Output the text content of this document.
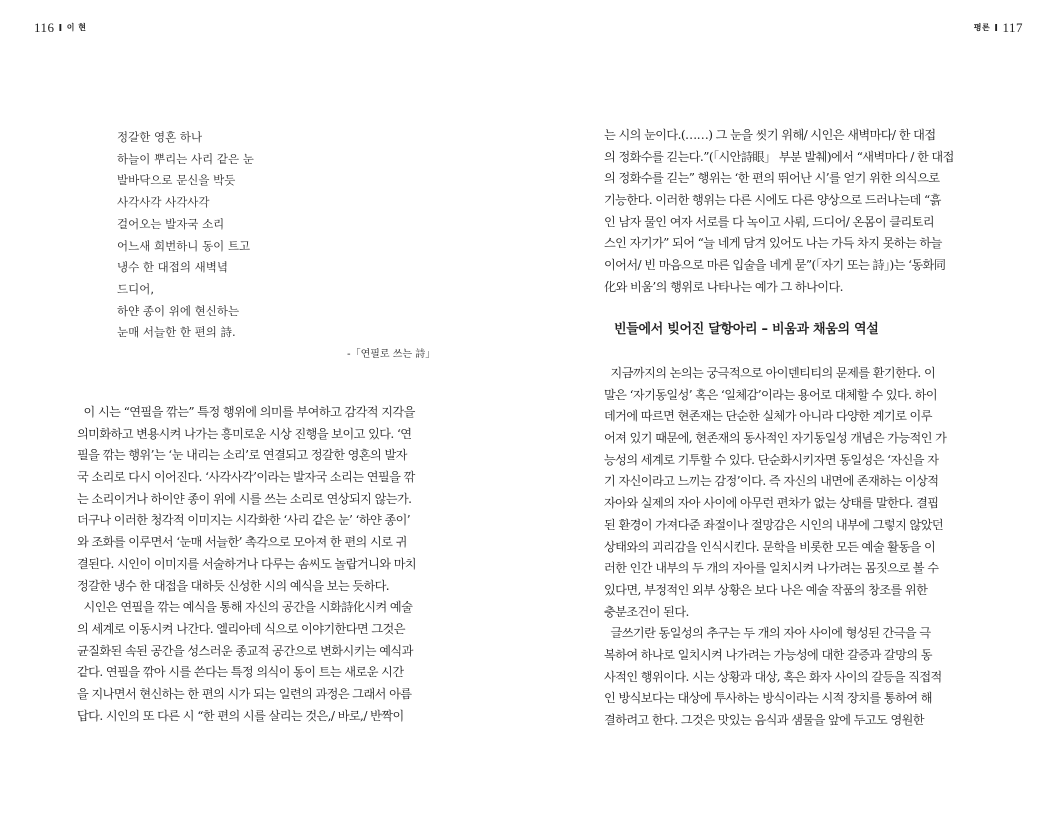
116 I 이 현	평론 I 117
정갈한 영혼 하나
하늘이 뿌리는 사리 같은 눈
발바닥으로 문신을 박듯
사각사각 사각사각
걸어오는 발자국 소리
어느새 희번하니 동이 트고
냉수 한 대접의 새벽녘
드디어,
하얀 종이 위에 현신하는
눈매 서늘한 한 편의 詩.
-「연필로 쓰는 詩」
이 시는 “연필을 깎는” 특정 행위에 의미를 부여하고 감각적 지각을
의미화하고 변용시켜 나가는 흥미로운 시상 진행을 보이고 있다. ‘연
필을 깎는 행위’는 ‘눈 내리는 소리’로 연결되고 정갈한 영혼의 발자
국 소리로 다시 이어진다. ‘사각사각’이라는 발자국 소리는 연필을 깎
는 소리이거나 하이얀 종이 위에 시를 쓰는 소리로 연상되지 않는가.
더구나 이러한 청각적 이미지는 시각화한 ‘사리 같은 눈’ ‘하얀 종이’
와 조화를 이루면서 ‘눈매 서늘한’ 촉각으로 모아져 한 편의 시로 귀
결된다. 시인이 이미지를 서술하거나 다루는 솜씨도 놀랍거니와 마치
정갈한 냉수 한 대접을 대하듯 신성한 시의 예식을 보는 듯하다.
시인은 연필을 깎는 예식을 통해 자신의 공간을 시화詩化시켜 예술
의 세계로 이동시켜 나간다. 엘리아데 식으로 이야기한다면 그것은
균질화된 속된 공간을 성스러운 종교적 공간으로 변화시키는 예식과
같다. 연필을 깎아 시를 쓴다는 특정 의식이 동이 트는 새로운 시간
을 지나면서 현신하는 한 편의 시가 되는 일련의 과정은 그래서 아름
답다. 시인의 또 다른 시 “한 편의 시를 살리는 것은,/ 바로,/ 반짝이
는 시의 눈이다.(……) 그 눈을 씻기 위해/ 시인은 새벽마다/ 한 대접
의 정화수를 긷는다.”(「시안詩眼」 부분 발췌)에서 “새벽마다 / 한 대접
의 정화수를 긷는” 행위는 ‘한 편의 뛰어난 시’를 얻기 위한 의식으로
기능한다. 이러한 행위는 다른 시에도 다른 양상으로 드러나는데 “흙
인 남자 물인 여자 서로를 다 녹이고 사뤄, 드디어/ 온몸이 클리토리
스인 자기가” 되어 “늘 네게 담겨 있어도 나는 가득 차지 못하는 하늘
이어서/ 빈 마음으로 마른 입술을 네게 묻”(「자기 또는 詩」)는 ‘동화同
化와 비움’의 행위로 나타나는 예가 그 하나이다.
빈들에서 빚어진 달항아리 – 비움과 채움의 역설
지금까지의 논의는 궁극적으로 아이덴티티의 문제를 환기한다. 이
말은 ‘자기동일성’ 혹은 ‘일체감’이라는 용어로 대체할 수 있다. 하이
데거에 따르면 현존재는 단순한 실체가 아니라 다양한 계기로 이루
어져 있기 때문에, 현존재의 동사적인 자기동일성 개념은 가능적인 가
능성의 세계로 기투할 수 있다. 단순화시키자면 동일성은 ‘자신을 자
기 자신이라고 느끼는 감정’이다. 즉 자신의 내면에 존재하는 이상적
자아와 실제의 자아 사이에 아무런 편차가 없는 상태를 말한다. 결핍
된 환경이 가져다준 좌절이나 절망감은 시인의 내부에 그렇지 않았던
상태와의 괴리감을 인식시킨다. 문학을 비롯한 모든 예술 활동을 이
러한 인간 내부의 두 개의 자아를 일치시켜 나가려는 몸짓으로 볼 수
있다면, 부정적인 외부 상황은 보다 나은 예술 작품의 창조를 위한
충분조건이 된다.
글쓰기란 동일성의 추구는 두 개의 자아 사이에 형성된 간극을 극
복하여 하나로 일치시켜 나가려는 가능성에 대한 갈증과 갈망의 동
사적인 행위이다. 시는 상황과 대상, 혹은 화자 사이의 갈등을 직접적
인 방식보다는 대상에 투사하는 방식이라는 시적 장치를 통하여 해
결하려고 한다. 그것은 맛있는 음식과 샘물을 앞에 두고도 영원한
